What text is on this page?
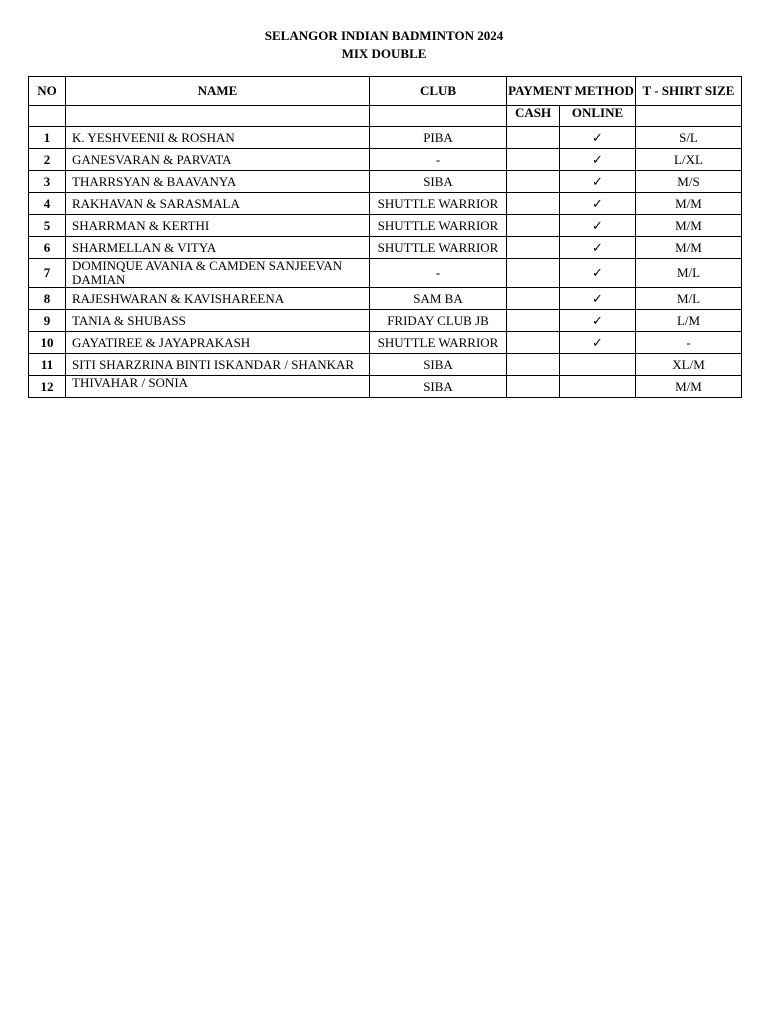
SELANGOR INDIAN BADMINTON 2024
MIX DOUBLE
NO	NAME	CLUB	PAYMENT METHOD		T - SHIRT SIZE
			CASH	ONLINE	
1	K. YESHVEENII & ROSHAN	PIBA		✓	S/L
2	GANESVARAN & PARVATA	-		✓	L/XL
3	THARRSYAN & BAAVANYA	SIBA		✓	M/S
4	RAKHAVAN & SARASMALA	SHUTTLE WARRIOR		✓	M/M
5	SHARRMAN & KERTHI	SHUTTLE WARRIOR		✓	M/M
6	SHARMELLAN & VITYA	SHUTTLE WARRIOR		✓	M/M
7	DOMINQUE AVANIA & CAMDEN SANJEEVAN DAMIAN	-		✓	M/L
8	RAJESHWARAN & KAVISHAREENA	SAM BA		✓	M/L
9	TANIA & SHUBASS	FRIDAY CLUB JB		✓	L/M
10	GAYATIREE & JAYAPRAKASH	SHUTTLE WARRIOR		✓	-
11	SITI SHARZRINA BINTI ISKANDAR / SHANKAR	SIBA			XL/M
12	THIVAHAR / SONIA	SIBA			M/M
